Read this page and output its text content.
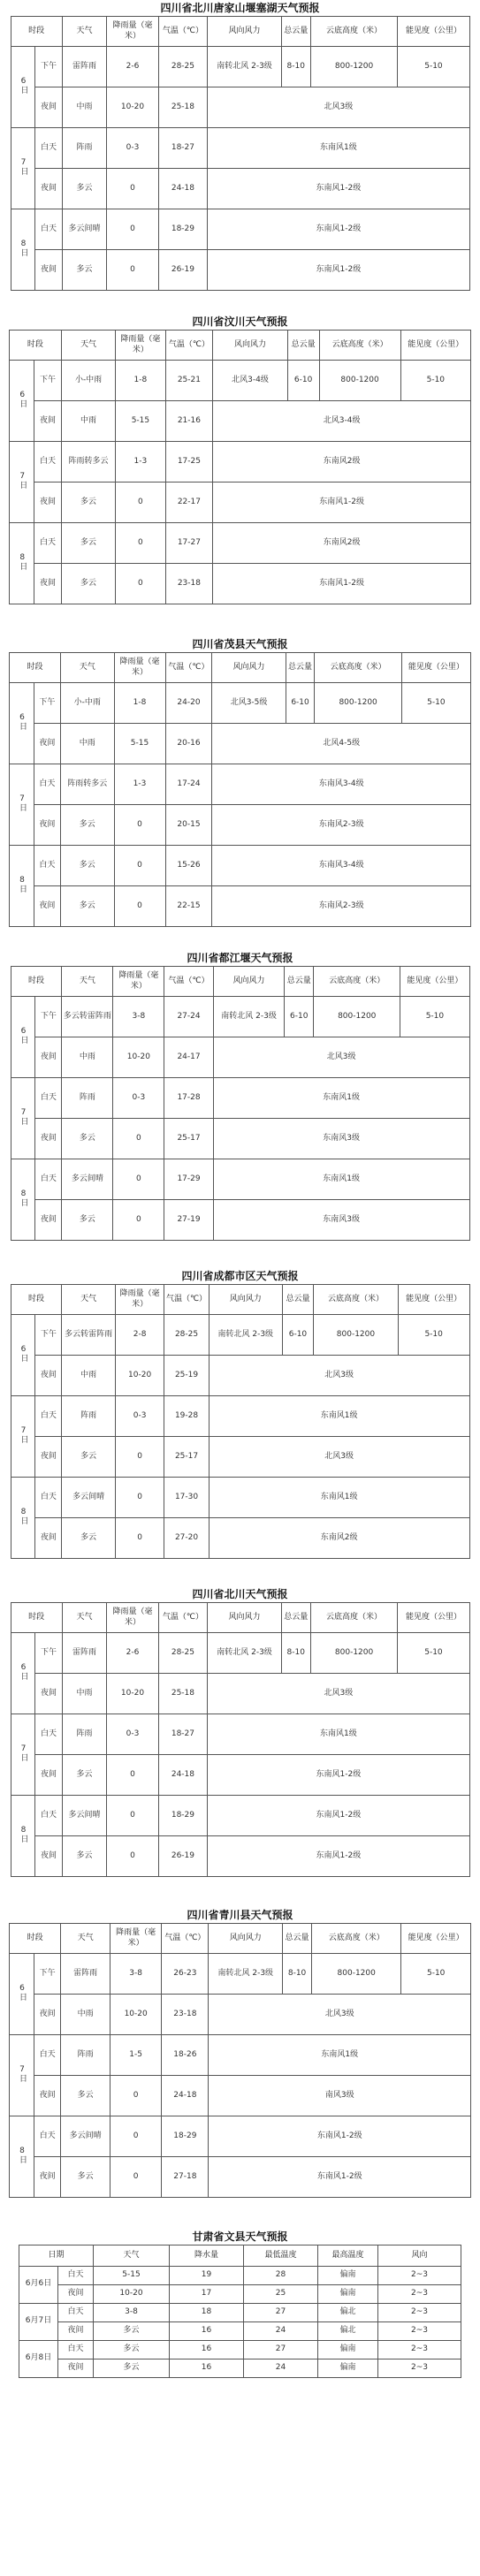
四川省北川唐家山堰塞湖天气预报
时段		天气	降雨量（毫米）	气温（℃）	风向风力	总云量	云底高度（米）	能见度（公里）
6日	下午	雷阵雨	2-6	28-25	南转北风 2-3级	8-10	800-1200	5-10
	夜间	中雨	10-20	25-18	北风3级			
7日	白天	阵雨	0-3	18-27	东南风1级			
	夜间	多云	0	24-18	东南风1-2级			
8日	白天	多云间晴	0	18-29	东南风1-2级			
	夜间	多云	0	26-19	东南风1-2级			
四川省汶川天气预报
时段		天气	降雨量（毫米）	气温（℃）	风向风力	总云量	云底高度（米）	能见度（公里）
6日	下午	小-中雨	1-8	25-21	北风3-4级	6-10	800-1200	5-10
	夜间	中雨	5-15	21-16	北风3-4级			
7日	白天	阵雨转多云	1-3	17-25	东南风2级			
	夜间	多云	0	22-17	东南风1-2级			
8日	白天	多云	0	17-27	东南风2级			
	夜间	多云	0	23-18	东南风1-2级			
四川省茂县天气预报
时段		天气	降雨量（毫米）	气温（℃）	风向风力	总云量	云底高度（米）	能见度（公里）
6日	下午	小-中雨	1-8	24-20	北风3-5级	6-10	800-1200	5-10
	夜间	中雨	5-15	20-16	北风4-5级			
7日	白天	阵雨转多云	1-3	17-24	东南风3-4级			
	夜间	多云	0	20-15	东南风2-3级			
8日	白天	多云	0	15-26	东南风3-4级			
	夜间	多云	0	22-15	东南风2-3级			
四川省都江堰天气预报
时段		天气	降雨量（毫米）	气温（℃）	风向风力	总云量	云底高度（米）	能见度（公里）
6日	下午	多云转雷阵雨	3-8	27-24	南转北风 2-3级	6-10	800-1200	5-10
	夜间	中雨	10-20	24-17	北风3级			
7日	白天	阵雨	0-3	17-28	东南风1级			
	夜间	多云	0	25-17	东南风3级			
8日	白天	多云间晴	0	17-29	东南风1级			
	夜间	多云	0	27-19	东南风3级			
四川省成都市区天气预报
时段		天气	降雨量（毫米）	气温（℃）	风向风力	总云量	云底高度（米）	能见度（公里）
6日	下午	多云转雷阵雨	2-8	28-25	南转北风 2-3级	6-10	800-1200	5-10
	夜间	中雨	10-20	25-19	北风3级			
7日	白天	阵雨	0-3	19-28	东南风1级			
	夜间	多云	0	25-17	北风3级			
8日	白天	多云间晴	0	17-30	东南风1级			
	夜间	多云	0	27-20	东南风2级			
四川省北川天气预报
时段		天气	降雨量（毫米）	气温（℃）	风向风力	总云量	云底高度（米）	能见度（公里）
6日	下午	雷阵雨	2-6	28-25	南转北风 2-3级	8-10	800-1200	5-10
	夜间	中雨	10-20	25-18	北风3级			
7日	白天	阵雨	0-3	18-27	东南风1级			
	夜间	多云	0	24-18	东南风1-2级			
8日	白天	多云间晴	0	18-29	东南风1-2级			
	夜间	多云	0	26-19	东南风1-2级			
四川省青川县天气预报
时段		天气	降雨量（毫米）	气温（℃）	风向风力	总云量	云底高度（米）	能见度（公里）
6日	下午	雷阵雨	3-8	26-23	南转北风 2-3级	8-10	800-1200	5-10
	夜间	中雨	10-20	23-18	北风3级			
7日	白天	阵雨	1-5	18-26	东南风1级			
	夜间	多云	0	24-18	南风3级			
8日	白天	多云间晴	0	18-29	东南风1-2级			
	夜间	多云	0	27-18	东南风1-2级			
甘肃省文县天气预报
日期		天气	降水量	最低温度	最高温度	风向	
6月6日	白天	5-15	19	28	偏南	2~3	
	夜间	10-20	17	25	偏南	2~3	
6月7日	白天	3-8	18	27	偏北	2~3	
	夜间	多云	16	24	偏北	2~3	
6月8日	白天	多云	16	27	偏南	2~3	
	夜间	多云	16	24	偏南	2~3	
